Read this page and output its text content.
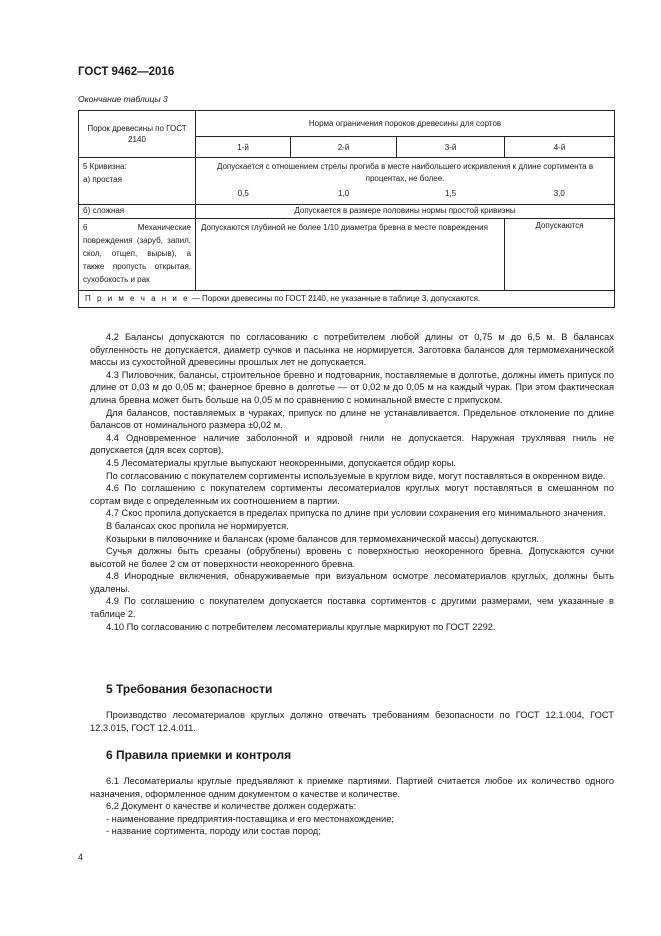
ГОСТ 9462—2016
Окончание таблицы 3
Порок древесины по ГОСТ 2140	Норма ограничения пороков древесины для сортов			
	1-й	2-й	3-й	4-й

5 Кривизна:
а) простая	Допускается с отношением стрелы прогиба в месте наибольшего искривления к длине сортимента в процентах, не более.			
	0,5	1,0	1,5	3,0
б) сложная	Допускается в размере половины нормы простой кривизны			
6 Механические повреждения (заруб, запил, скол, отщеп, вырыв), а также пропусть открытая, сухобокость и рак	Допускаются глубиной не более 1/10 диаметра бревна в месте повреждения			Допускаются
П р и м е ч а н и е — Пороки древесины по ГОСТ 2140, не указанные в таблице 3, допускаются.				

4.2 Балансы допускаются по согласованию с потребителем любой длины от 0,75 м до 6,5 м. В балансах обугленность не допускается, диаметр сучков и пасынка не нормируется. Заготовка балансов для термомеханической массы из сухостойной древесины прошлых лет не допускается.

4.3 Пиловочник, балансы, строительное бревно и подтоварник, поставляемые в долготье, должны иметь припуск по длине от 0,03 м до 0,05 м; фанерное бревно в долготье — от 0,02 м до 0,05 м на каждый чурак. При этом фактическая длина бревна может быть больше на 0,05 м по сравнению с номинальной вместе с припуском.

Для балансов, поставляемых в чураках, припуск по длине не устанавливается. Предельное отклонение по длине балансов от номинального размера ±0,02 м.

4.4 Одновременное наличие заболонной и ядровой гнили не допускается. Наружная трухлявая гниль не допускается (для всех сортов).

4.5 Лесоматериалы круглые выпускают неокоренными, допускается обдир коры.

По согласованию с покупателем сортименты используемые в круглом виде, могут поставляться в окоренном виде.

4.6 По соглашению с покупателем сортименты лесоматериалов круглых могут поставляться в смешанном по сортам виде с определенным их соотношением в партии.

4.7 Скос пропила допускается в пределах припуска по длине при условии сохранения его минимального значения.

В балансах скос пропила не нормируется.

Козырьки в пиловочнике и балансах (кроме балансов для термомеханической массы) допускаются.

Сучья должны быть срезаны (обрублены) вровень с поверхностью неокоренного бревна. Допускаются сучки высотой не более 2 см от поверхности неокоренного бревна.

4.8 Инородные включения, обнаруживаемые при визуальном осмотре лесоматериалов круглых, должны быть удалены.

4.9 По соглашению с покупателем допускается поставка сортиментов с другими размерами, чем указанные в таблице 2.

4.10 По согласованию с потребителем лесоматериалы круглые маркируют по ГОСТ 2292.

5 Требования безопасности

Производство лесоматериалов круглых должно отвечать требованиям безопасности по ГОСТ 12.1.004, ГОСТ 12.3.015, ГОСТ 12.4.011.

6 Правила приемки и контроля

6.1 Лесоматериалы круглые предъявляют к приемке партиями. Партией считается любое их количество одного назначения, оформленное одним документом о качестве и количестве.

6.2 Документ о качестве и количестве должен содержать:

- наименование предприятия-поставщика и его местонахождение;

- название сортимента, породу или состав пород;

4
